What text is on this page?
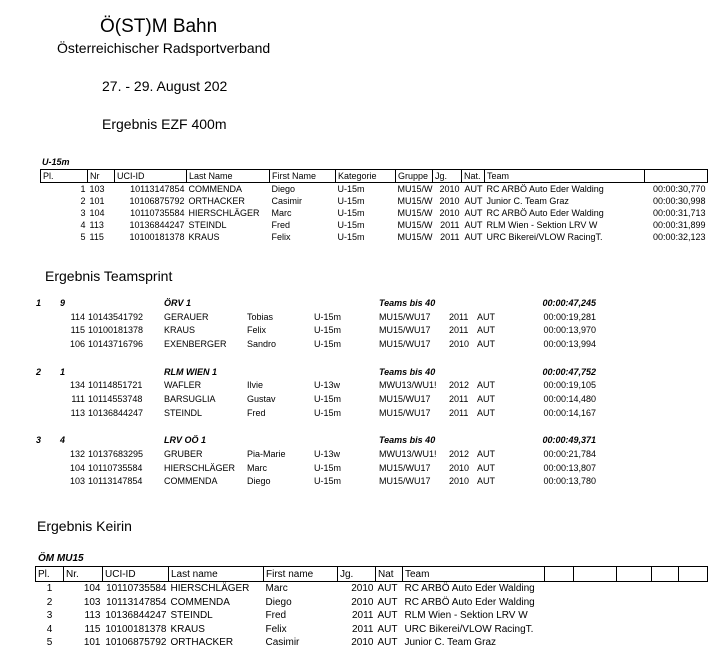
Ö(ST)M Bahn
Österreichischer Radsportverband
27. - 29. August 202
Ergebnis EZF 400m
U-15m
Pl.	Nr	UCI-ID	Last Name	First Name	Kategorie	Gruppe	Jg.	Nat.	Team	
1	103	10113147854	COMMENDA	Diego	U-15m	MU15/W	2010	AUT	RC ARBÖ Auto Eder Walding	00:00:30,770
2	101	10106875792	ORTHACKER	Casimir	U-15m	MU15/W	2010	AUT	Junior C. Team Graz	00:00:30,998
3	104	10110735584	HIERSCHLÄGER	Marc	U-15m	MU15/W	2010	AUT	RC ARBÖ Auto Eder Walding	00:00:31,713
4	113	10136844247	STEINDL	Fred	U-15m	MU15/W	2011	AUT	RLM Wien - Sektion LRV W	00:00:31,899
5	115	10100181378	KRAUS	Felix	U-15m	MU15/W	2011	AUT	URC Bikerei/VLOW RacingT.	00:00:32,123
Ergebnis Teamsprint
1	9		ÖRV 1			Teams bis 40			00:00:47,245
	114	10143541792	GERAUER	Tobias	U-15m	MU15/WU17	2011	AUT	00:00:19,281
	115	10100181378	KRAUS	Felix	U-15m	MU15/WU17	2011	AUT	00:00:13,970
	106	10143716796	EXENBERGER	Sandro	U-15m	MU15/WU17	2010	AUT	00:00:13,994

2	1		RLM WIEN 1			Teams bis 40			00:00:47,752
	134	10114851721	WAFLER	Ilvie	U-13w	MWU13/WU1!	2012	AUT	00:00:19,105
	111	10114553748	BARSUGLIA	Gustav	U-15m	MU15/WU17	2011	AUT	00:00:14,480
	113	10136844247	STEINDL	Fred	U-15m	MU15/WU17	2011	AUT	00:00:14,167

3	4		LRV OÖ 1			Teams bis 40			00:00:49,371
	132	10137683295	GRUBER	Pia-Marie	U-13w	MWU13/WU1!	2012	AUT	00:00:21,784
	104	10110735584	HIERSCHLÄGER	Marc	U-15m	MU15/WU17	2010	AUT	00:00:13,807
	103	10113147854	COMMENDA	Diego	U-15m	MU15/WU17	2010	AUT	00:00:13,780
Ergebnis Keirin
ÖM MU15
Pl.	Nr.	UCI-ID	Last name	First name	Jg.	Nat	Team					
1	104	10110735584	HIERSCHLÄGER	Marc	2010	AUT	RC ARBÖ Auto Eder Walding					
2	103	10113147854	COMMENDA	Diego	2010	AUT	RC ARBÖ Auto Eder Walding					
3	113	10136844247	STEINDL	Fred	2011	AUT	RLM Wien - Sektion LRV W					
4	115	10100181378	KRAUS	Felix	2011	AUT	URC Bikerei/VLOW RacingT.					
5	101	10106875792	ORTHACKER	Casimir	2010	AUT	Junior C. Team Graz					
